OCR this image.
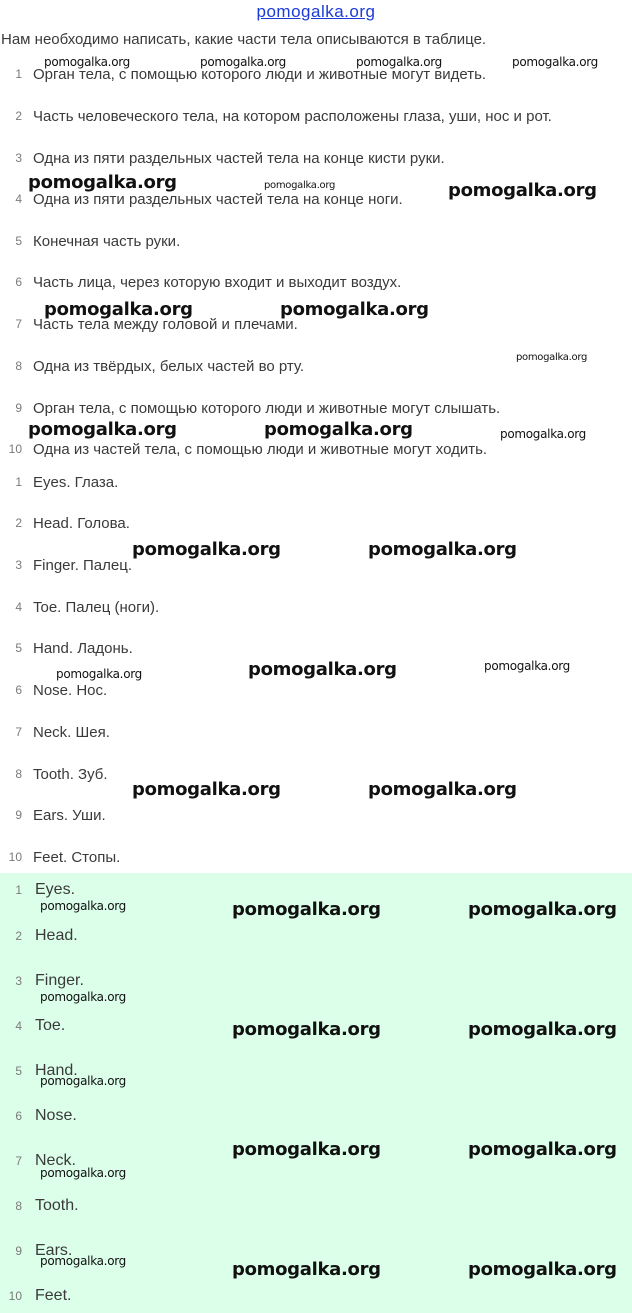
pomogalka.org
Нам необходимо написать, какие части тела описываются в таблице.
1 Орган тела, с помощью которого люди и животные могут видеть.
2 Часть человеческого тела, на котором расположены глаза, уши, нос и рот.
3 Одна из пяти раздельных частей тела на конце кисти руки.
4 Одна из пяти раздельных частей тела на конце ноги.
5 Конечная часть руки.
6 Часть лица, через которую входит и выходит воздух.
7 Часть тела между головой и плечами.
8 Одна из твёрдых, белых частей во рту.
9 Орган тела, с помощью которого люди и животные могут слышать.
10 Одна из частей тела, с помощью люди и животные могут ходить.
1 Eyes. Глаза.
2 Head. Голова.
3 Finger. Палец.
4 Toe. Палец (ноги).
5 Hand. Ладонь.
6 Nose. Нос.
7 Neck. Шея.
8 Tooth. Зуб.
9 Ears. Уши.
10 Feet. Стопы.
1 Eyes.
2 Head.
3 Finger.
4 Toe.
5 Hand.
6 Nose.
7 Neck.
8 Tooth.
9 Ears.
10 Feet.
pomogalka.org	pomogalka.org	pomogalka.org	pomogalka.org
pomogalka.org	pomogalka.org	pomogalka.org
pomogalka.org	pomogalka.org
pomogalka.org
pomogalka.org	pomogalka.org	pomogalka.org
pomogalka.org	pomogalka.org
pomogalka.org	pomogalka.org	pomogalka.org
pomogalka.org	pomogalka.org
pomogalka.org	pomogalka.org	pomogalka.org
pomogalka.org
pomogalka.org	pomogalka.org
pomogalka.org
pomogalka.org	pomogalka.org
pomogalka.org
pomogalka.org	pomogalka.org	pomogalka.org
